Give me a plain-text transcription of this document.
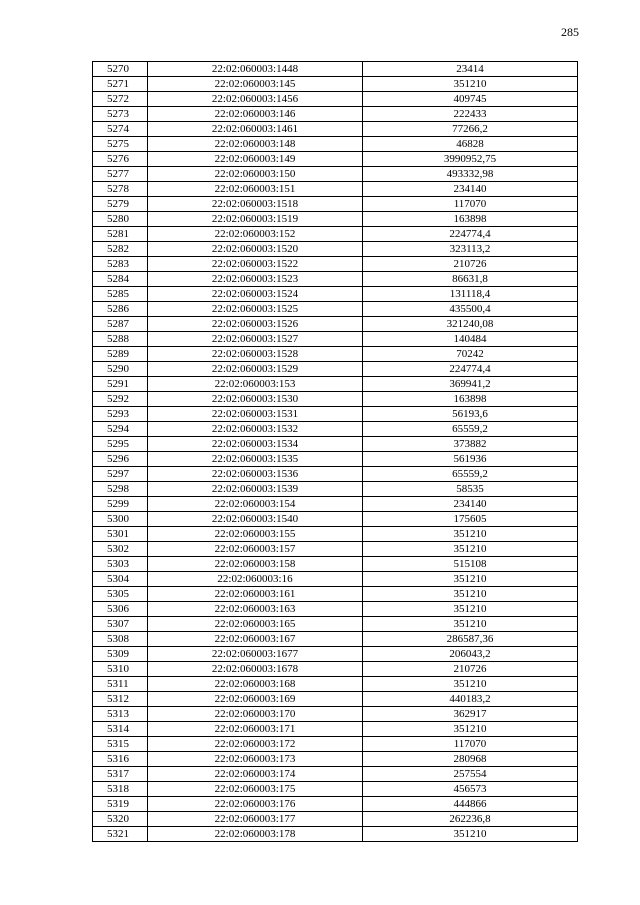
285
5270	22:02:060003:1448	23414
5271	22:02:060003:145	351210
5272	22:02:060003:1456	409745
5273	22:02:060003:146	222433
5274	22:02:060003:1461	77266,2
5275	22:02:060003:148	46828
5276	22:02:060003:149	3990952,75
5277	22:02:060003:150	493332,98
5278	22:02:060003:151	234140
5279	22:02:060003:1518	117070
5280	22:02:060003:1519	163898
5281	22:02:060003:152	224774,4
5282	22:02:060003:1520	323113,2
5283	22:02:060003:1522	210726
5284	22:02:060003:1523	86631,8
5285	22:02:060003:1524	131118,4
5286	22:02:060003:1525	435500,4
5287	22:02:060003:1526	321240,08
5288	22:02:060003:1527	140484
5289	22:02:060003:1528	70242
5290	22:02:060003:1529	224774,4
5291	22:02:060003:153	369941,2
5292	22:02:060003:1530	163898
5293	22:02:060003:1531	56193,6
5294	22:02:060003:1532	65559,2
5295	22:02:060003:1534	373882
5296	22:02:060003:1535	561936
5297	22:02:060003:1536	65559,2
5298	22:02:060003:1539	58535
5299	22:02:060003:154	234140
5300	22:02:060003:1540	175605
5301	22:02:060003:155	351210
5302	22:02:060003:157	351210
5303	22:02:060003:158	515108
5304	22:02:060003:16	351210
5305	22:02:060003:161	351210
5306	22:02:060003:163	351210
5307	22:02:060003:165	351210
5308	22:02:060003:167	286587,36
5309	22:02:060003:1677	206043,2
5310	22:02:060003:1678	210726
5311	22:02:060003:168	351210
5312	22:02:060003:169	440183,2
5313	22:02:060003:170	362917
5314	22:02:060003:171	351210
5315	22:02:060003:172	117070
5316	22:02:060003:173	280968
5317	22:02:060003:174	257554
5318	22:02:060003:175	456573
5319	22:02:060003:176	444866
5320	22:02:060003:177	262236,8
5321	22:02:060003:178	351210
